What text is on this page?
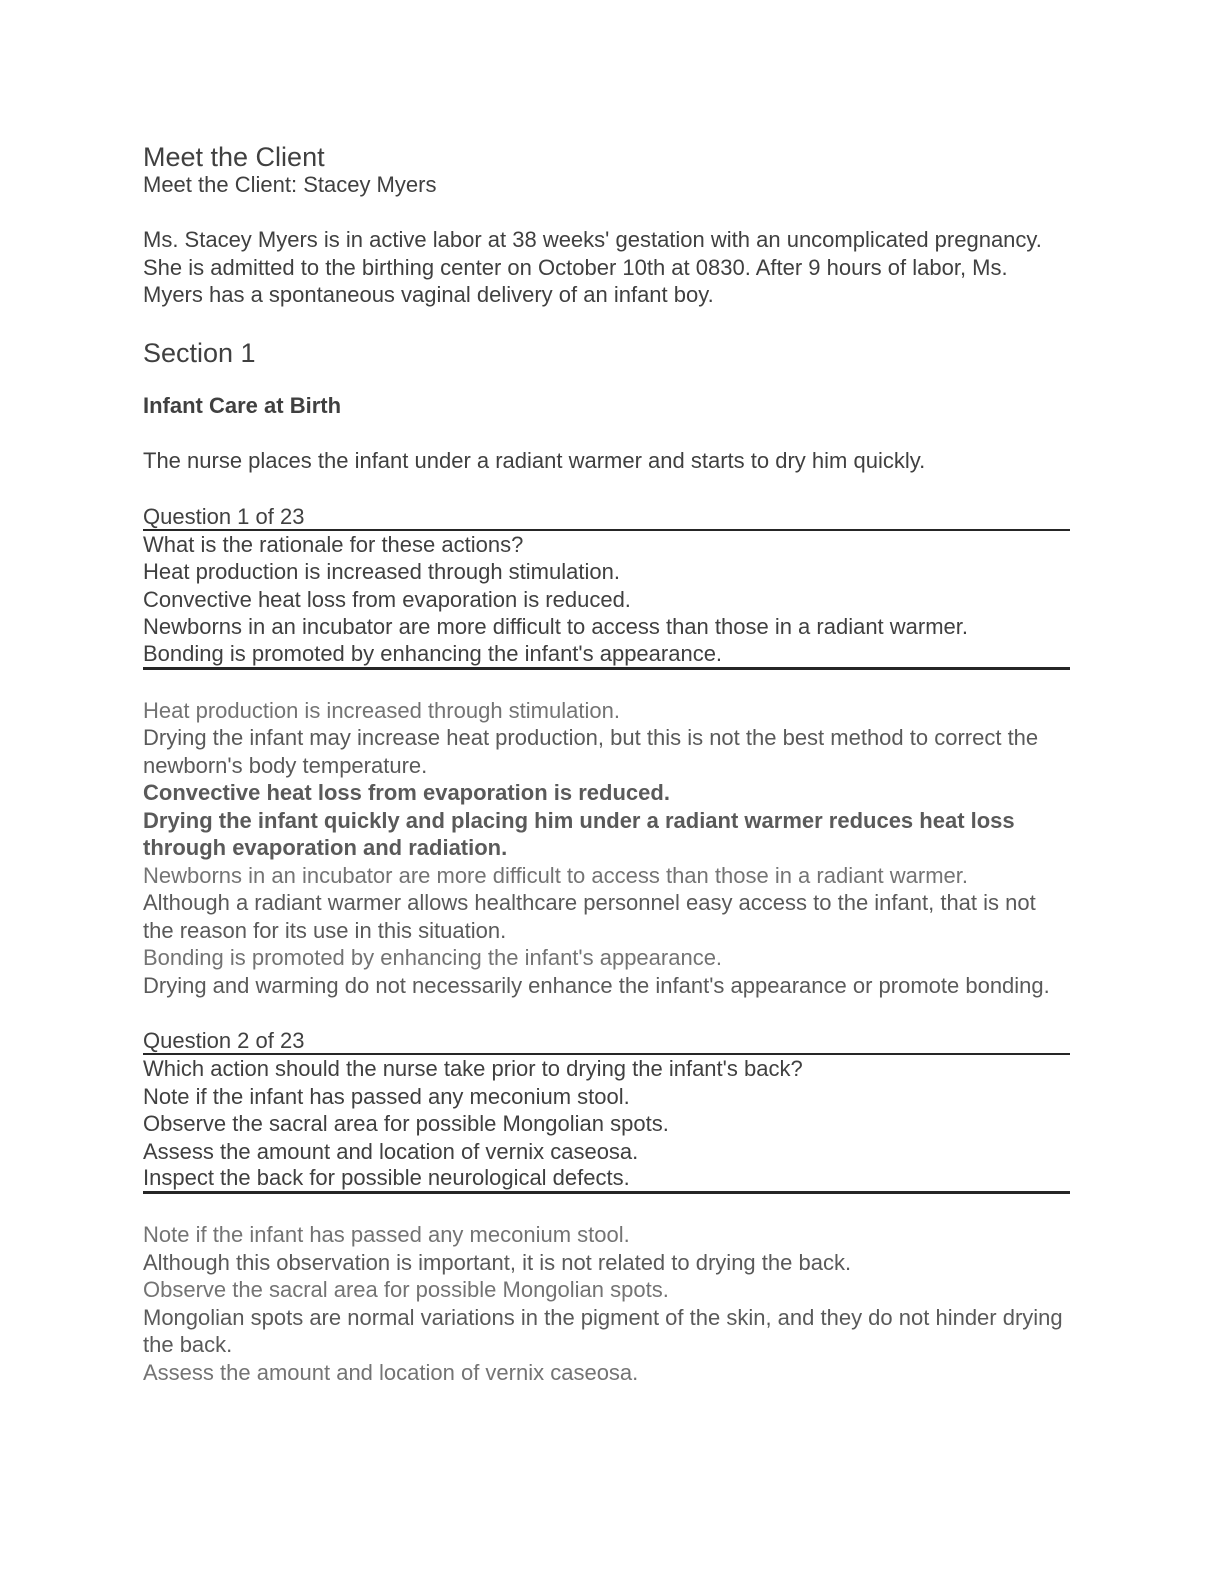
Meet the Client
Meet the Client: Stacey Myers
Ms. Stacey Myers is in active labor at 38 weeks' gestation with an uncomplicated pregnancy. She is admitted to the birthing center on October 10th at 0830. After 9 hours of labor, Ms. Myers has a spontaneous vaginal delivery of an infant boy.
Section 1
Infant Care at Birth
The nurse places the infant under a radiant warmer and starts to dry him quickly.
Question 1 of 23
What is the rationale for these actions?
Heat production is increased through stimulation.
Convective heat loss from evaporation is reduced.
Newborns in an incubator are more difficult to access than those in a radiant warmer.
Bonding is promoted by enhancing the infant's appearance.
Heat production is increased through stimulation.
Drying the infant may increase heat production, but this is not the best method to correct the newborn's body temperature.
Convective heat loss from evaporation is reduced.
Drying the infant quickly and placing him under a radiant warmer reduces heat loss through evaporation and radiation.
Newborns in an incubator are more difficult to access than those in a radiant warmer.
Although a radiant warmer allows healthcare personnel easy access to the infant, that is not the reason for its use in this situation.
Bonding is promoted by enhancing the infant's appearance.
Drying and warming do not necessarily enhance the infant's appearance or promote bonding.
Question 2 of 23
Which action should the nurse take prior to drying the infant's back?
Note if the infant has passed any meconium stool.
Observe the sacral area for possible Mongolian spots.
Assess the amount and location of vernix caseosa.
Inspect the back for possible neurological defects.
Note if the infant has passed any meconium stool.
Although this observation is important, it is not related to drying the back.
Observe the sacral area for possible Mongolian spots.
Mongolian spots are normal variations in the pigment of the skin, and they do not hinder drying the back.
Assess the amount and location of vernix caseosa.
